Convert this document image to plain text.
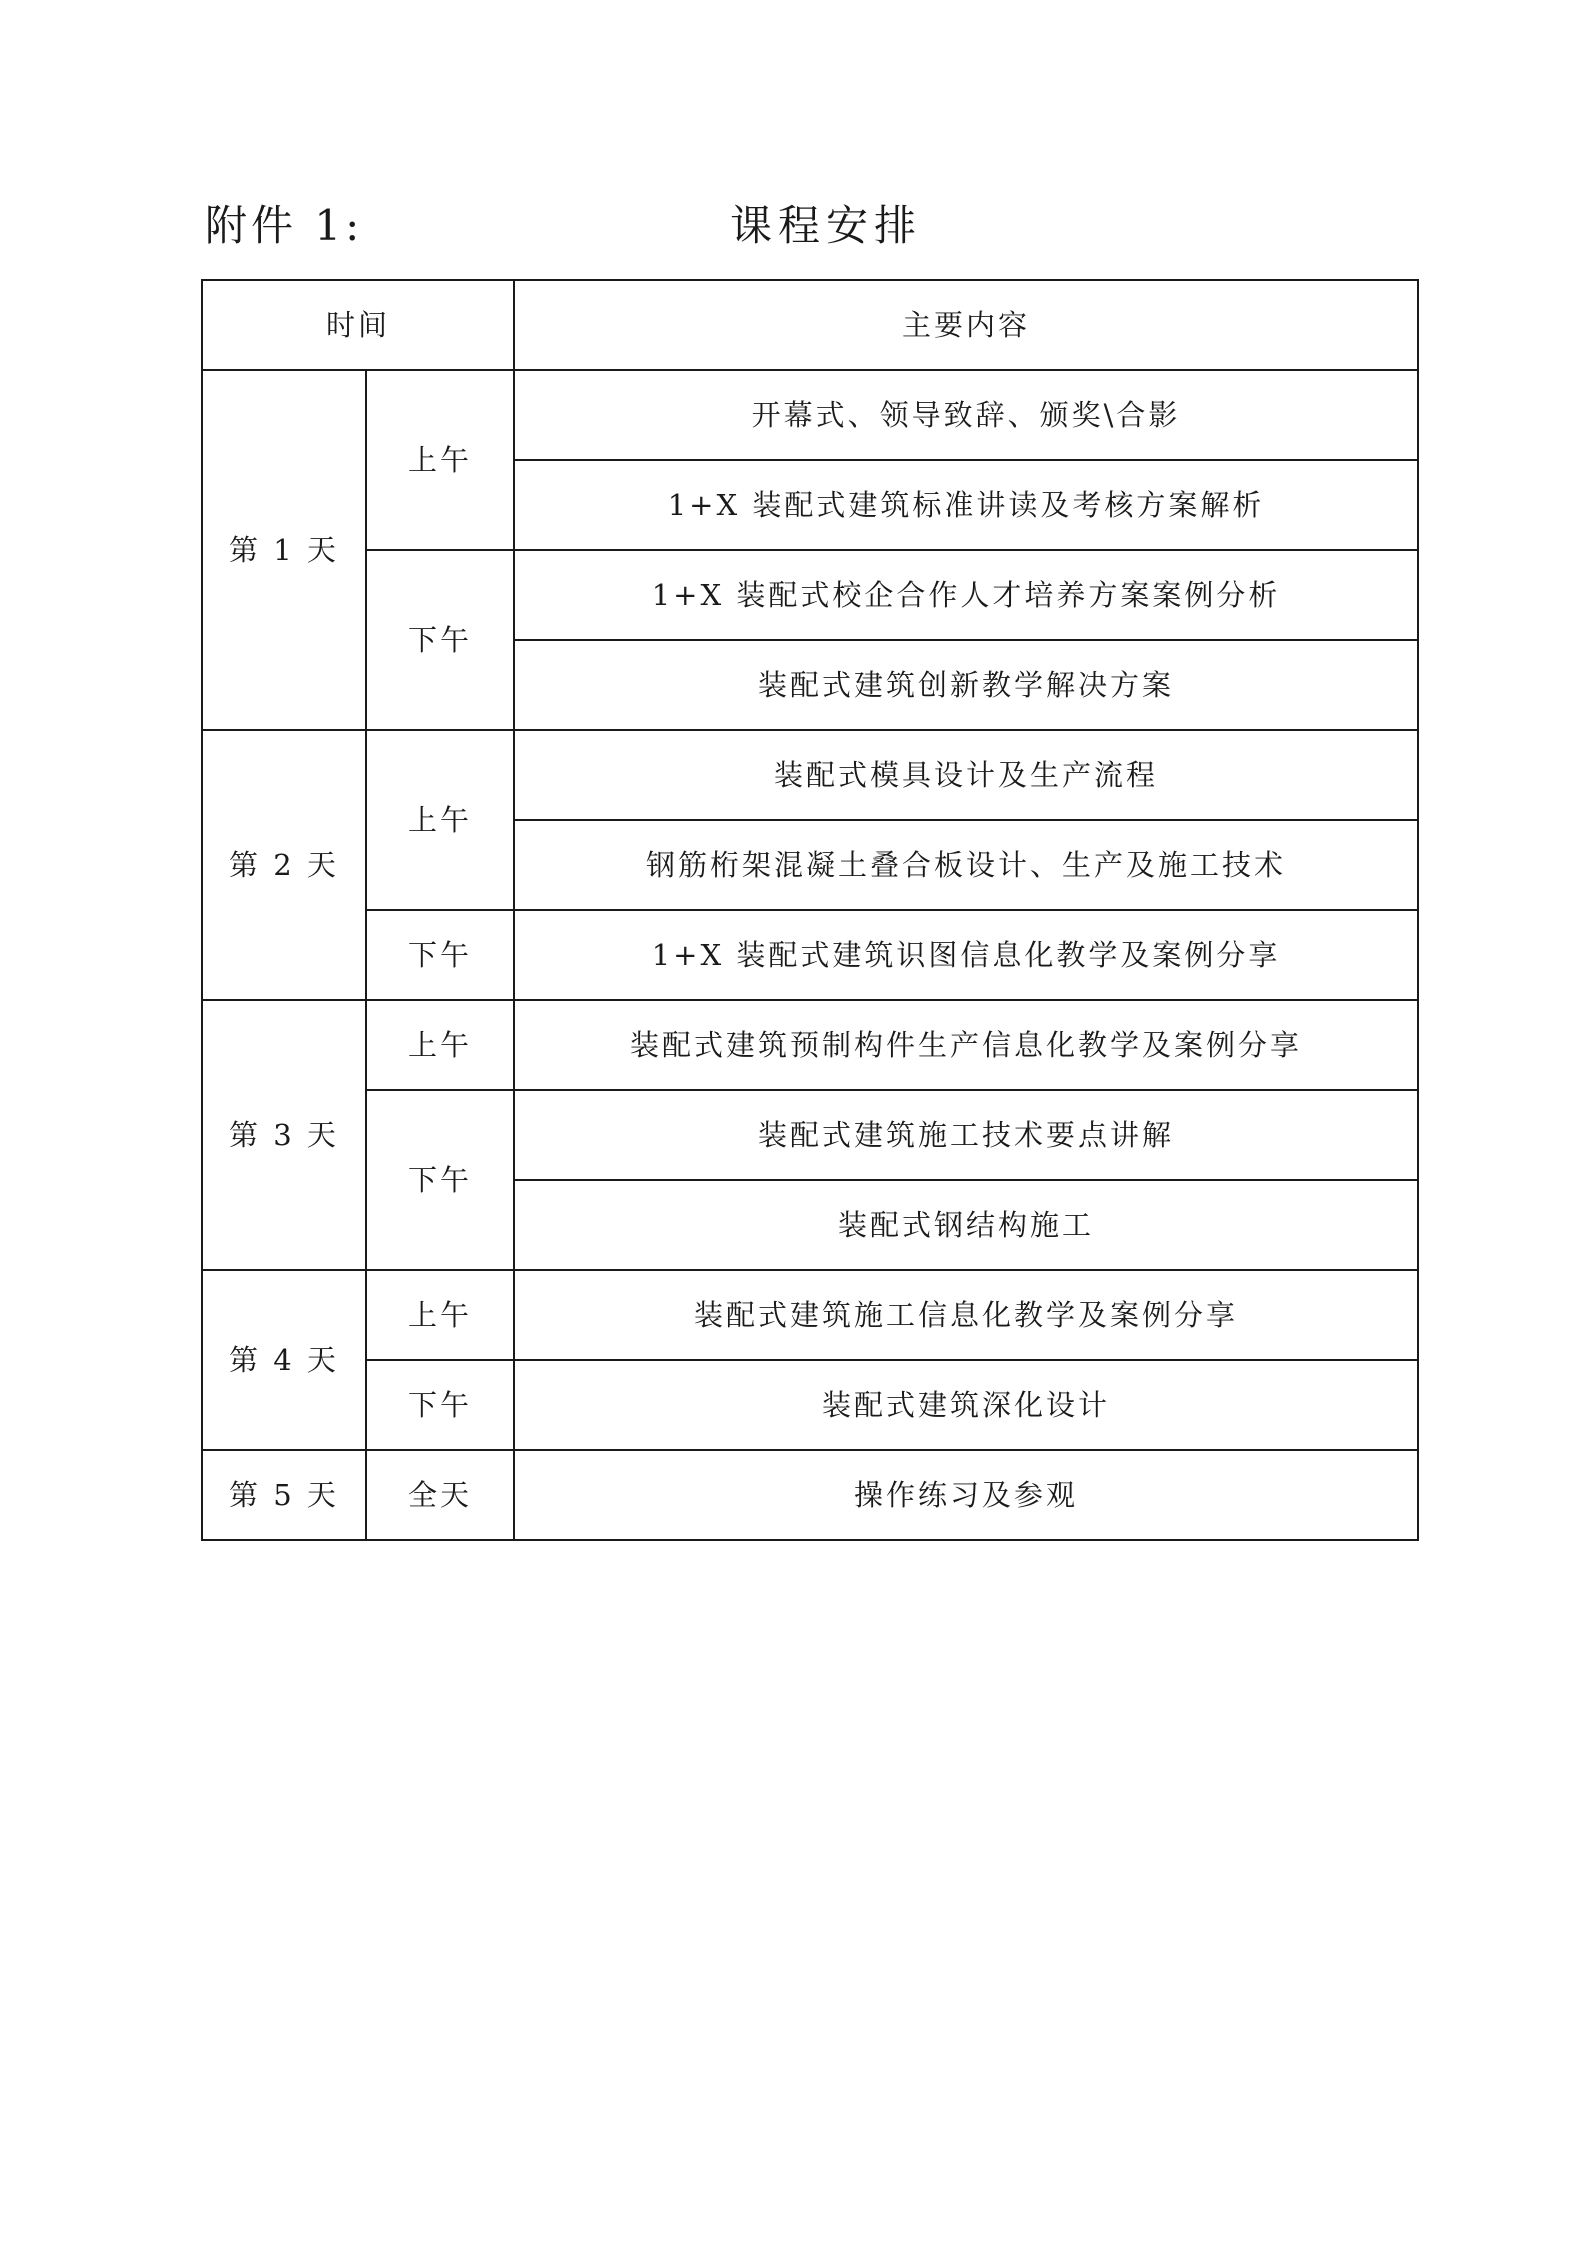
附件 1:	课程安排
时间		主要内容
第 1 天	上午	开幕式、领导致辞、颁奖\合影
		1+X 装配式建筑标准讲读及考核方案解析
	下午	1+X 装配式校企合作人才培养方案案例分析
		装配式建筑创新教学解决方案
第 2 天	上午	装配式模具设计及生产流程
		钢筋桁架混凝土叠合板设计、生产及施工技术
	下午	1+X 装配式建筑识图信息化教学及案例分享
第 3 天	上午	装配式建筑预制构件生产信息化教学及案例分享
	下午	装配式建筑施工技术要点讲解
		装配式钢结构施工
第 4 天	上午	装配式建筑施工信息化教学及案例分享
	下午	装配式建筑深化设计
第 5 天	全天	操作练习及参观
